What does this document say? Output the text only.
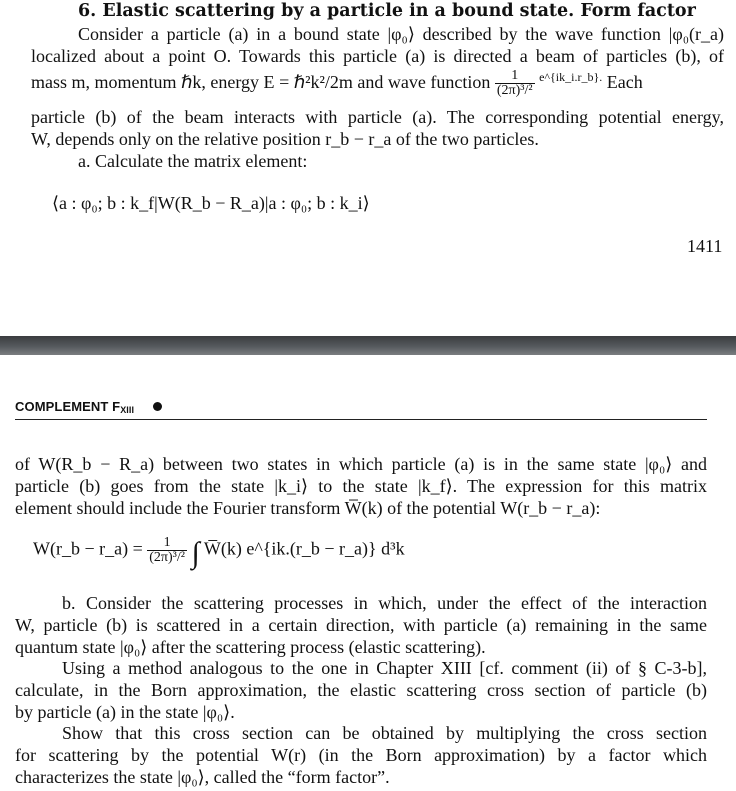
6. Elastic scattering by a particle in a bound state. Form factor

Consider a particle (a) in a bound state |φ₀⟩ described by the wave function |φ₀(r_a)

localized about a point O. Towards this particle (a) is directed a beam of particles (b), of

mass m, momentum ℏk, energy E = ℏ²k²/2m and wave function $\frac{1}{\text{(2π)³/²}} ^{e\^{}\{ik\_i.r\_b\}.}$ Each

particle (b) of the beam interacts with particle (a). The corresponding potential energy,

W, depends only on the relative position r_b − r_a of the two particles.

a. Calculate the matrix element:

⟨a : φ₀; b : k_f|W(R_b − R_a)|a : φ₀; b : k_i⟩
1411
COMPLEMENT $F_{XIII}$

of W(R_b − R_a) between two states in which particle (a) is in the same state |φ₀⟩ and

particle (b) goes from the state |k_i⟩ to the state |k_f⟩. The expression for this matrix

element should include the Fourier transform W̅(k) of the potential W(r_b − r_a):

W(r_b − r_a) = $\frac{1}{\text{(2π)³/²}}$ ∫ W̅(k) e^{ik.(r_b − r_a)} d³k

b. Consider the scattering processes in which, under the effect of the interaction

W, particle (b) is scattered in a certain direction, with particle (a) remaining in the same

quantum state |φ₀⟩ after the scattering process (elastic scattering).

Using a method analogous to the one in Chapter XIII [cf. comment (ii) of § C-3-b],

calculate, in the Born approximation, the elastic scattering cross section of particle (b)

by particle (a) in the state |φ₀⟩.

Show that this cross section can be obtained by multiplying the cross section

for scattering by the potential W(r) (in the Born approximation) by a factor which

characterizes the state |φ₀⟩, called the “form factor”.
